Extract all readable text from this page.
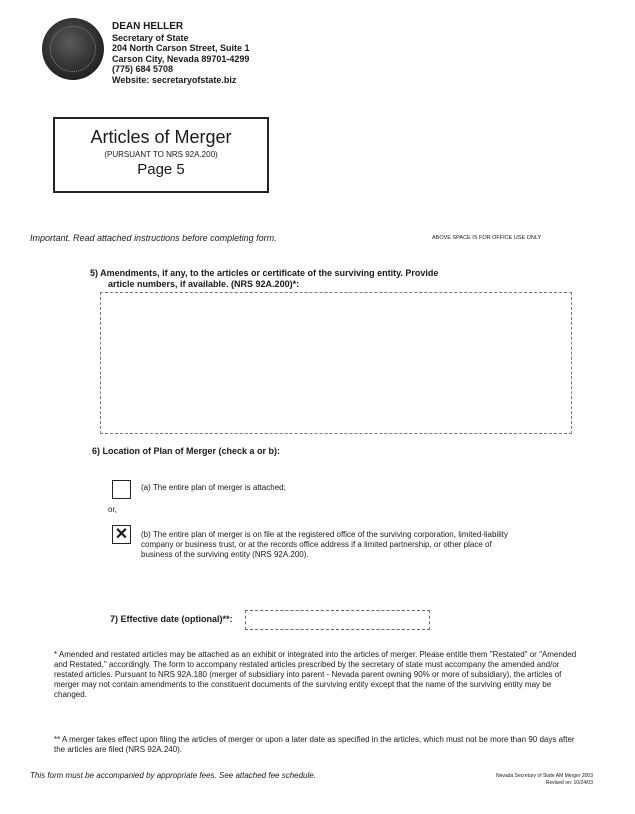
DEAN HELLER
Secretary of State
204 North Carson Street, Suite 1
Carson City, Nevada 89701-4299
(775) 684 5708
Website: secretaryofstate.biz
Articles of Merger
(PURSUANT TO NRS 92A.200)
Page 5
Important. Read attached instructions before completing form.	ABOVE SPACE IS FOR OFFICE USE ONLY
5) Amendments, if any, to the articles or certificate of the surviving entity. Provide
article numbers, if available. (NRS 92A.200)*:
6) Location of Plan of Merger (check a or b):
(a) The entire plan of merger is attached;
or,
✕	(b) The entire plan of merger is on file at the registered office of the surviving corporation, limited-liability company or business trust, or at the records office address if a limited partnership, or other place of business of the surviving entity (NRS 92A.200).
7) Effective date (optional)**:
* Amended and restated articles may be attached as an exhibit or integrated into the articles of merger. Please entitle them "Restated" or "Amended and Restated," accordingly. The form to accompany restated articles prescribed by the secretary of state must accompany the amended and/or restated articles. Pursuant to NRS 92A.180 (merger of subsidiary into parent - Nevada parent owning 90% or more of subsidiary), the articles of merger may not contain amendments to the constituent documents of the surviving entity except that the name of the surviving entity may be changed.
** A merger takes effect upon filing the articles of merger or upon a later date as specified in the articles, which must not be more than 90 days after the articles are filed (NRS 92A.240).
This form must be accompanied by appropriate fees. See attached fee schedule.	Nevada Secretary of State AM Merger 2003
Revised on: 10/24/03
